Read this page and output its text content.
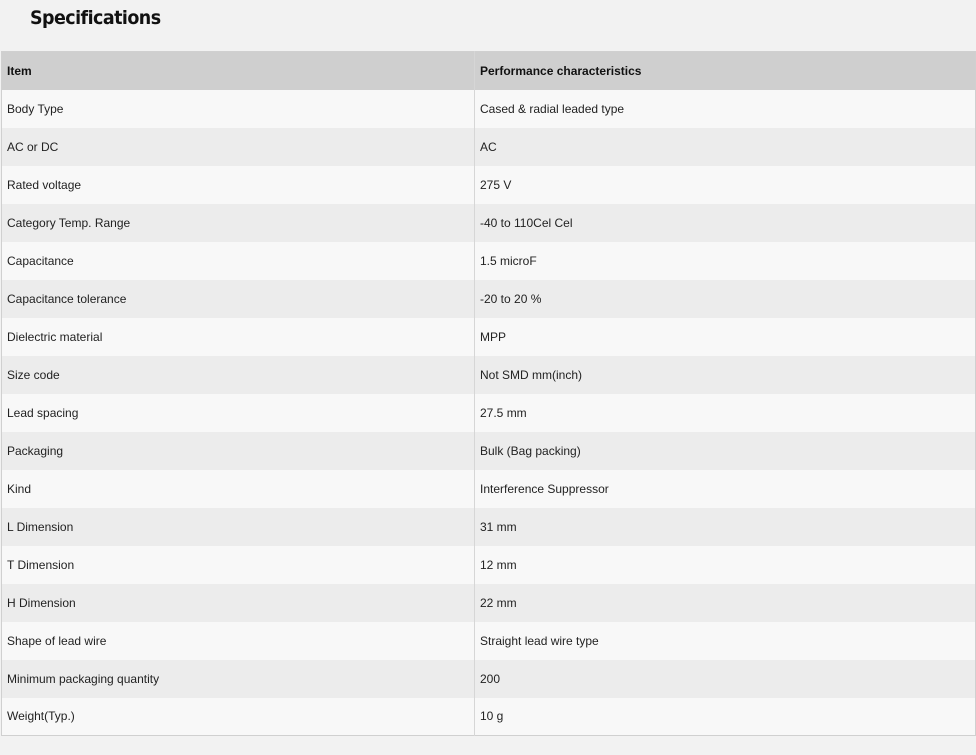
Specifications
Item	Performance characteristics
Body Type	Cased & radial leaded type
AC or DC	AC
Rated voltage	275 V
Category Temp. Range	-40 to 110Cel Cel
Capacitance	1.5 microF
Capacitance tolerance	-20 to 20 %
Dielectric material	MPP
Size code	Not SMD mm(inch)
Lead spacing	27.5 mm
Packaging	Bulk (Bag packing)
Kind	Interference Suppressor
L Dimension	31 mm
T Dimension	12 mm
H Dimension	22 mm
Shape of lead wire	Straight lead wire type
Minimum packaging quantity	200
Weight(Typ.)	10 g
